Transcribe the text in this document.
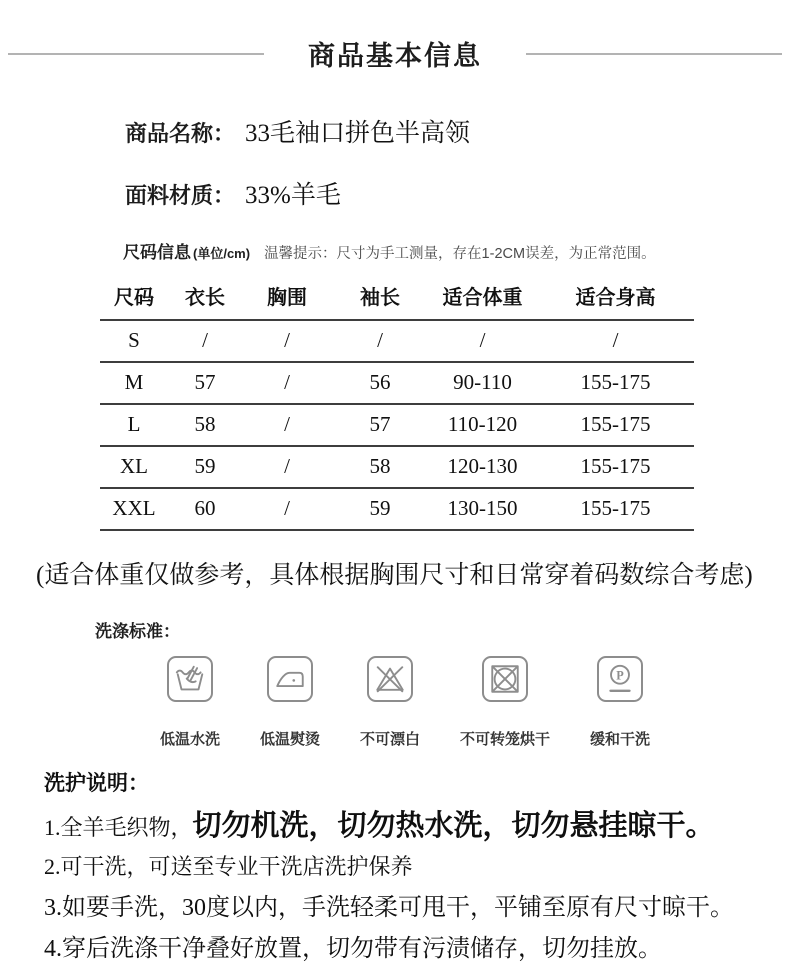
商品基本信息
商品名称： 33毛袖口拼色半高领
面料材质： 33%羊毛
尺码信息 (单位/cm) 温馨提示：尺寸为手工测量，存在1-2CM误差，为正常范围。
尺码	衣长	胸围	袖长	适合体重	适合身高
S	/	/	/	/	/
M	57	/	56	90-110	155-175
L	58	/	57	110-120	155-175
XL	59	/	58	120-130	155-175
XXL	60	/	59	130-150	155-175
(适合体重仅做参考，具体根据胸围尺寸和日常穿着码数综合考虑)
洗涤标准：
低温水洗	低温熨烫	不可漂白	不可转笼烘干
P
缓和干洗
洗护说明：
1.全羊毛织物，切勿机洗，切勿热水洗，切勿悬挂晾干。
2.可干洗，可送至专业干洗店洗护保养
3.如要手洗，30度以内，手洗轻柔可甩干，平铺至原有尺寸晾干。
4.穿后洗涤干净叠好放置，切勿带有污渍储存，切勿挂放。
